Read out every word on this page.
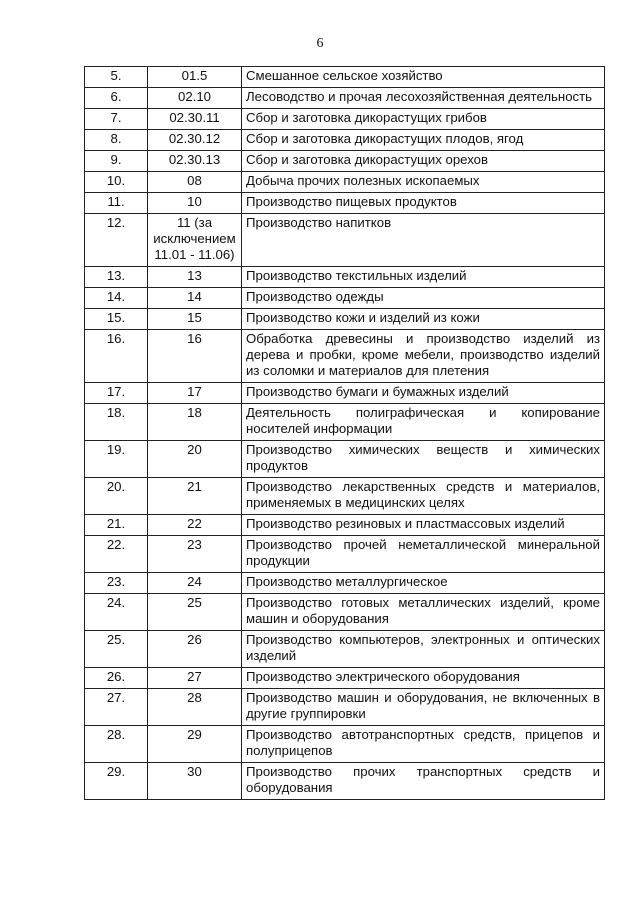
6
5.	01.5	Смешанное сельское хозяйство
6.	02.10	Лесоводство и прочая лесохозяйственная деятельность
7.	02.30.11	Сбор и заготовка дикорастущих грибов
8.	02.30.12	Сбор и заготовка дикорастущих плодов, ягод
9.	02.30.13	Сбор и заготовка дикорастущих орехов
10.	08	Добыча прочих полезных ископаемых
11.	10	Производство пищевых продуктов
12.	11 (за исключением 11.01 - 11.06)	Производство напитков
13.	13	Производство текстильных изделий
14.	14	Производство одежды
15.	15	Производство кожи и изделий из кожи
16.	16	Обработка древесины и производство изделий из дерева и пробки, кроме мебели, производство изделий из соломки и материалов для плетения
17.	17	Производство бумаги и бумажных изделий
18.	18	Деятельность полиграфическая и копирование носителей информации
19.	20	Производство химических веществ и химических продуктов
20.	21	Производство лекарственных средств и материалов, применяемых в медицинских целях
21.	22	Производство резиновых и пластмассовых изделий
22.	23	Производство прочей неметаллической минеральной продукции
23.	24	Производство металлургическое
24.	25	Производство готовых металлических изделий, кроме машин и оборудования
25.	26	Производство компьютеров, электронных и оптических изделий
26.	27	Производство электрического оборудования
27.	28	Производство машин и оборудования, не включенных в другие группировки
28.	29	Производство автотранспортных средств, прицепов и полуприцепов
29.	30	Производство прочих транспортных средств и оборудования
